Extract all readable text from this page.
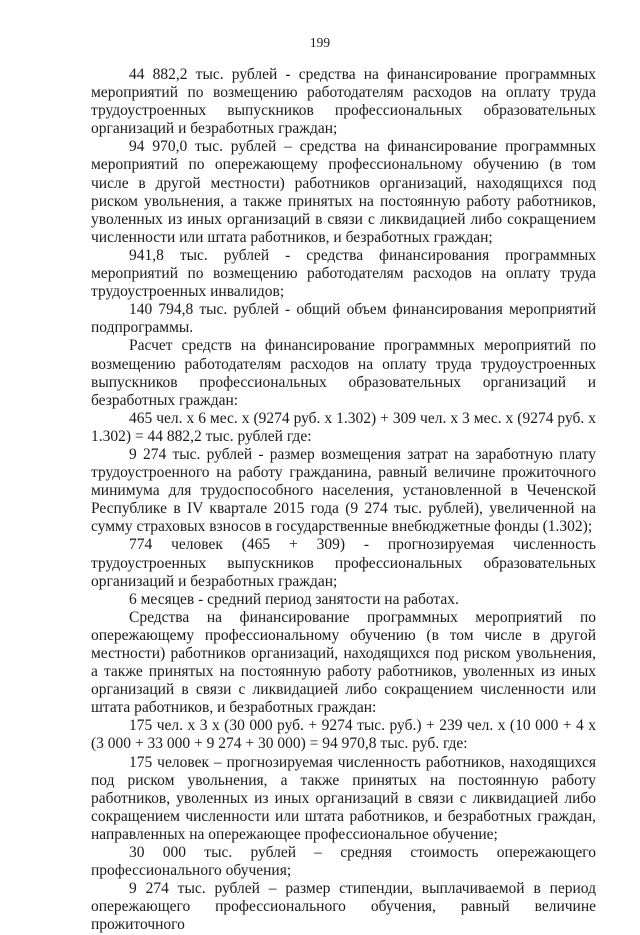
199

44 882,2 тыс. рублей - средства на финансирование программных мероприятий по возмещению работодателям расходов на оплату труда трудоустроенных выпускников профессиональных образовательных организаций и безработных граждан;

94 970,0 тыс. рублей – средства на финансирование программных мероприятий по опережающему профессиональному обучению (в том числе в другой местности) работников организаций, находящихся под риском увольнения, а также принятых на постоянную работу работников, уволенных из иных организаций в связи с ликвидацией либо сокращением численности или штата работников, и безработных граждан;

941,8 тыс. рублей - средства финансирования программных мероприятий по возмещению работодателям расходов на оплату труда трудоустроенных инвалидов;

140 794,8 тыс. рублей - общий объем финансирования мероприятий подпрограммы.

Расчет средств на финансирование программных мероприятий по возмещению работодателям расходов на оплату труда трудоустроенных выпускников профессиональных образовательных организаций и безработных граждан:

465 чел. х 6 мес. х (9274 руб. х 1.302) + 309 чел. х 3 мес. х (9274 руб. х 1.302) = 44 882,2 тыс. рублей где:

9 274 тыс. рублей - размер возмещения затрат на заработную плату трудоустроенного на работу гражданина, равный величине прожиточного минимума для трудоспособного населения, установленной в Чеченской Республике в IV квартале 2015 года (9 274 тыс. рублей), увеличенной на сумму страховых взносов в государственные внебюджетные фонды (1.302);

774 человек (465 + 309) - прогнозируемая численность трудоустроенных выпускников профессиональных образовательных организаций и безработных граждан;

6 месяцев - средний период занятости на работах.

Средства на финансирование программных мероприятий по опережающему профессиональному обучению (в том числе в другой местности) работников организаций, находящихся под риском увольнения, а также принятых на постоянную работу работников, уволенных из иных организаций в связи с ликвидацией либо сокращением численности или штата работников, и безработных граждан:

175 чел. х 3 х (30 000 руб. + 9274 тыс. руб.) + 239 чел. х (10 000 + 4 х (3 000 + 33 000 + 9 274 + 30 000) = 94 970,8 тыс. руб. где:

175 человек – прогнозируемая численность работников, находящихся под риском увольнения, а также принятых на постоянную работу работников, уволенных из иных организаций в связи с ликвидацией либо сокращением численности или штата работников, и безработных граждан, направленных на опережающее профессиональное обучение;

30 000 тыс. рублей – средняя стоимость опережающего профессионального обучения;

9 274 тыс. рублей – размер стипендии, выплачиваемой в период опережающего профессионального обучения, равный величине прожиточного
